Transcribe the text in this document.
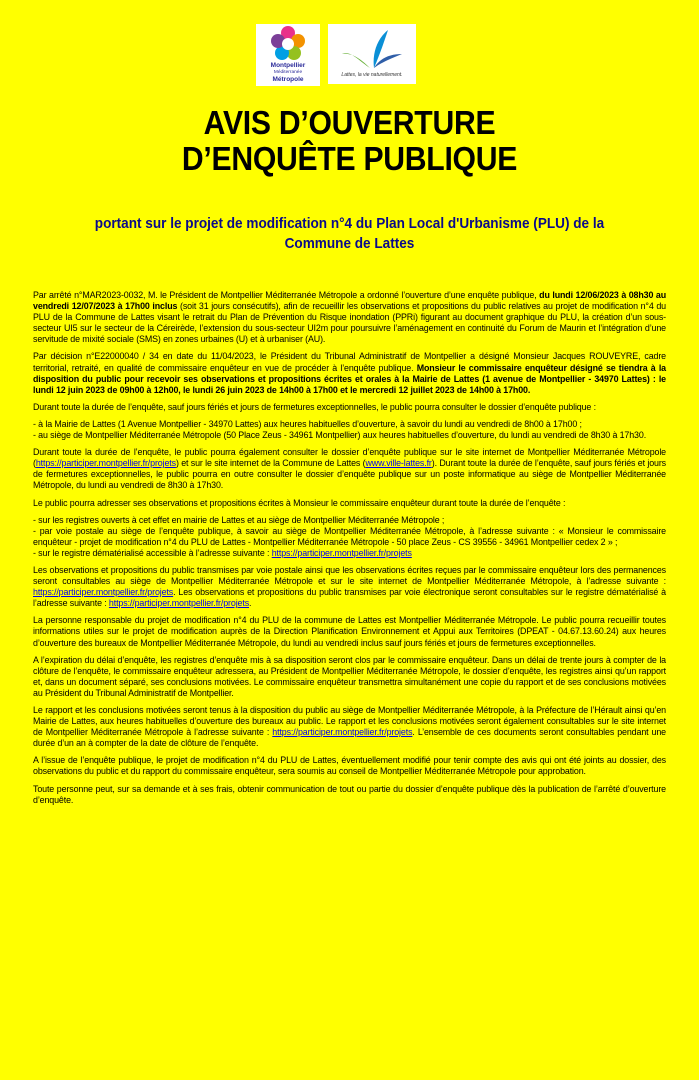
Montpellier
Méditerranée
Métropole
Lattes, la vie naturellement.
AVIS D’OUVERTURE
D’ENQUÊTE PUBLIQUE
portant sur le projet de modification n°4 du Plan Local d'Urbanisme (PLU) de la
Commune de Lattes

Par arrêté n°MAR2023-0032, M. le Président de Montpellier Méditerranée Métropole a ordonné l’ouverture d’une enquête publique, du lundi 12/06/2023 à 08h30 au vendredi 12/07/2023 à 17h00 inclus (soit 31 jours consécutifs), afin de recueillir les observations et propositions du public relatives au projet de modification n°4 du PLU de la Commune de Lattes visant le retrait du Plan de Prévention du Risque inondation (PPRi) figurant au document graphique du PLU, la création d’un sous-secteur UI5 sur le secteur de la Céreirède, l’extension du sous-secteur UI2m pour poursuivre l’aménagement en continuité du Forum de Maurin et l’intégration d’une servitude de mixité sociale (SMS) en zones urbaines (U) et à urbaniser (AU).

Par décision n°E22000040 / 34 en date du 11/04/2023, le Président du Tribunal Administratif de Montpellier a désigné Monsieur Jacques ROUVEYRE, cadre territorial, retraité, en qualité de commissaire enquêteur en vue de procéder à l’enquête publique. Monsieur le commissaire enquêteur désigné se tiendra à la disposition du public pour recevoir ses observations et propositions écrites et orales à la Mairie de Lattes (1 avenue de Montpellier - 34970 Lattes) : le lundi 12 juin 2023 de 09h00 à 12h00, le lundi 26 juin 2023 de 14h00 à 17h00 et le mercredi 12 juillet 2023 de 14h00 à 17h00.

Durant toute la durée de l’enquête, sauf jours fériés et jours de fermetures exceptionnelles, le public pourra consulter le dossier d’enquête publique :

- à la Mairie de Lattes (1 Avenue Montpellier - 34970 Lattes) aux heures habituelles d’ouverture, à savoir du lundi au vendredi de 8h00 à 17h00 ;
- au siège de Montpellier Méditerranée Métropole (50 Place Zeus - 34961 Montpellier) aux heures habituelles d’ouverture, du lundi au vendredi de 8h30 à 17h30.

Durant toute la durée de l’enquête, le public pourra également consulter le dossier d’enquête publique sur le site internet de Montpellier Méditerranée Métropole (https://participer.montpellier.fr/projets) et sur le site internet de la Commune de Lattes (www.ville-lattes.fr). Durant toute la durée de l’enquête, sauf jours fériés et jours de fermetures exceptionnelles, le public pourra en outre consulter le dossier d’enquête publique sur un poste informatique au siège de Montpellier Méditerranée Métropole, du lundi au vendredi de 8h30 à 17h30.

Le public pourra adresser ses observations et propositions écrites à Monsieur le commissaire enquêteur durant toute la durée de l’enquête :

- sur les registres ouverts à cet effet en mairie de Lattes et au siège de Montpellier Méditerranée Métropole ;
- par voie postale au siège de l’enquête publique, à savoir au siège de Montpellier Méditerranée Métropole, à l’adresse suivante : « Monsieur le commissaire enquêteur - projet de modification n°4 du PLU de Lattes - Montpellier Méditerranée Métropole - 50 place Zeus - CS 39556 - 34961 Montpellier cedex 2 » ;
- sur le registre dématérialisé accessible à l’adresse suivante : https://participer.montpellier.fr/projets

Les observations et propositions du public transmises par voie postale ainsi que les observations écrites reçues par le commissaire enquêteur lors des permanences seront consultables au siège de Montpellier Méditerranée Métropole et sur le site internet de Montpellier Méditerranée Métropole, à l’adresse suivante : https://participer.montpellier.fr/projets. Les observations et propositions du public transmises par voie électronique seront consultables sur le registre dématérialisé à l’adresse suivante : https://participer.montpellier.fr/projets.

La personne responsable du projet de modification n°4 du PLU de la commune de Lattes est Montpellier Méditerranée Métropole. Le public pourra recueillir toutes informations utiles sur le projet de modification auprès de la Direction Planification Environnement et Appui aux Territoires (DPEAT - 04.67.13.60.24) aux heures d’ouverture des bureaux de Montpellier Méditerranée Métropole, du lundi au vendredi inclus sauf jours fériés et jours de fermetures exceptionnelles.

A l’expiration du délai d’enquête, les registres d’enquête mis à sa disposition seront clos par le commissaire enquêteur. Dans un délai de trente jours à compter de la clôture de l’enquête, le commissaire enquêteur adressera, au Président de Montpellier Méditerranée Métropole, le dossier d’enquête, les registres ainsi qu’un rapport et, dans un document séparé, ses conclusions motivées. Le commissaire enquêteur transmettra simultanément une copie du rapport et de ses conclusions motivées au Président du Tribunal Administratif de Montpellier.

Le rapport et les conclusions motivées seront tenus à la disposition du public au siège de Montpellier Méditerranée Métropole, à la Préfecture de l’Hérault ainsi qu’en Mairie de Lattes, aux heures habituelles d’ouverture des bureaux au public. Le rapport et les conclusions motivées seront également consultables sur le site internet de Montpellier Méditerranée Métropole à l’adresse suivante : https://participer.montpellier.fr/projets. L’ensemble de ces documents seront consultables pendant une durée d’un an à compter de la date de clôture de l’enquête.

A l’issue de l’enquête publique, le projet de modification n°4 du PLU de Lattes, éventuellement modifié pour tenir compte des avis qui ont été joints au dossier, des observations du public et du rapport du commissaire enquêteur, sera soumis au conseil de Montpellier Méditerranée Métropole pour approbation.

Toute personne peut, sur sa demande et à ses frais, obtenir communication de tout ou partie du dossier d’enquête publique dès la publication de l’arrêté d’ouverture d’enquête.
